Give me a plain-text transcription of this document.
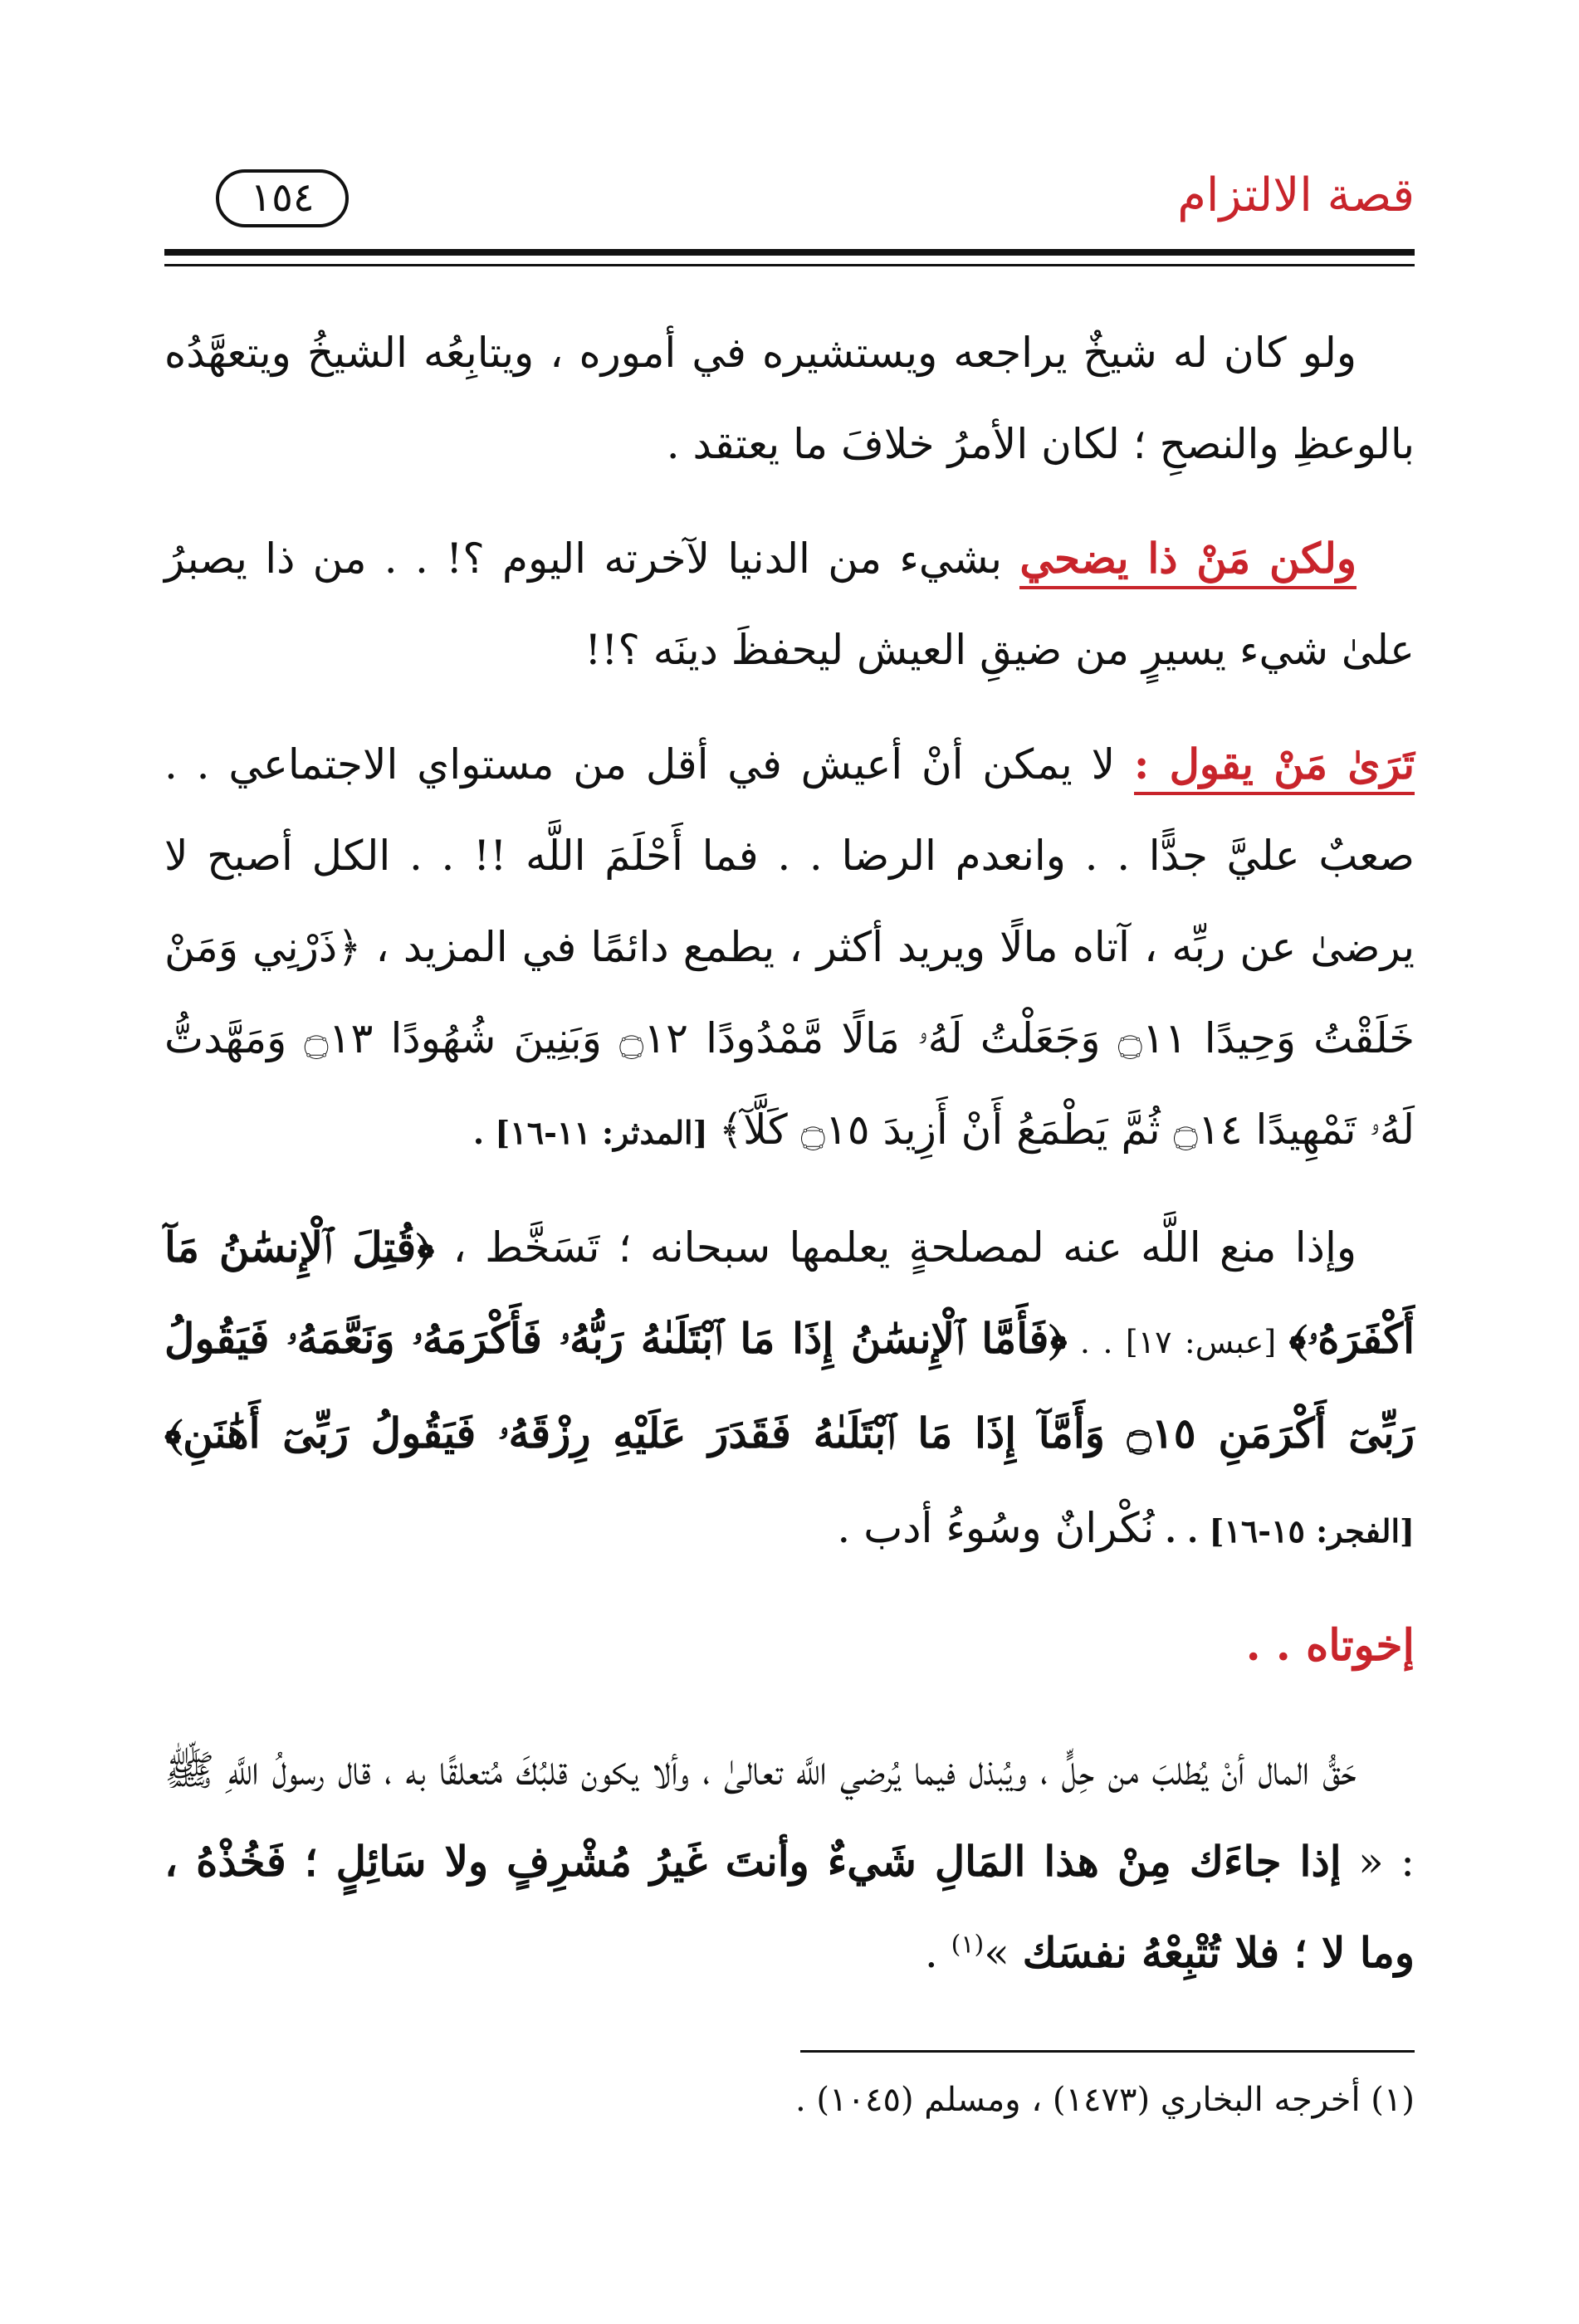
قصة الالتزام
١٥٤

ولو كان له شيخٌ يراجعه ويستشيره في أموره ، ويتابِعُه الشيخُ ويتعهَّدُه بالوعظِ والنصحِ ؛ لكان الأمرُ خلافَ ما يعتقد .

ولكن مَنْ ذا يضحي بشيء من الدنيا لآخرته اليوم ؟! . . من ذا يصبرُ علىٰ شيء يسيرٍ من ضيقِ العيش ليحفظَ دينَه ؟!!

تَرَىٰ مَنْ يقول : لا يمكن أنْ أعيش في أقل من مستواي الاجتماعي . . صعبٌ عليَّ جدًّا . . وانعدم الرضا . . فما أَحْلَمَ اللَّه !! . . الكل أصبح لا يرضىٰ عن ربِّه ، آتاه مالًا ويريد أكثر ، يطمع دائمًا في المزيد ، ﴿ذَرْنِي وَمَنْ خَلَقْتُ وَحِيدًا ۝١١ وَجَعَلْتُ لَهُۥ مَالًا مَّمْدُودًا ۝١٢ وَبَنِينَ شُهُودًا ۝١٣ وَمَهَّدتُّ لَهُۥ تَمْهِيدًا ۝١٤ ثُمَّ يَطْمَعُ أَنْ أَزِيدَ ۝١٥ كَلَّآ﴾ [المدثر: ١١-١٦] .

وإذا منع اللَّه عنه لمصلحةٍ يعلمها سبحانه ؛ تَسَخَّط ، ﴿قُتِلَ ٱلْإِنسَٰنُ مَآ أَكْفَرَهُۥ﴾ [عبس: ١٧] . . ﴿فَأَمَّا ٱلْإِنسَٰنُ إِذَا مَا ٱبْتَلَىٰهُ رَبُّهُۥ فَأَكْرَمَهُۥ وَنَعَّمَهُۥ فَيَقُولُ رَبِّىٓ أَكْرَمَنِ ۝١٥ وَأَمَّآ إِذَا مَا ٱبْتَلَىٰهُ فَقَدَرَ عَلَيْهِ رِزْقَهُۥ فَيَقُولُ رَبِّىٓ أَهَٰنَنِ﴾ [الفجر: ١٥-١٦] . . نُكْرانٌ وسُوءُ أدب .

إخوتاه . .

حَقُّ المال أنْ يُطلبَ من حِلٍّ ، ويُبذل فيما يُرضي اللَّه تعالىٰ ، وألا يكون قلبُكَ مُتعلقًا به ، قال رسولُ اللَّهِ ﷺ : « إذا جاءَك مِنْ هذا المَالِ شَيءٌ وأنتَ غَيرُ مُشْرِفٍ ولا سَائِلٍ ؛ فَخُذْهُ ، وما لا ؛ فلا تُتْبِعْهُ نفسَك »$^{(١)}$ .

(١) أخرجه البخاري (١٤٧٣) ، ومسلم (١٠٤٥) .
